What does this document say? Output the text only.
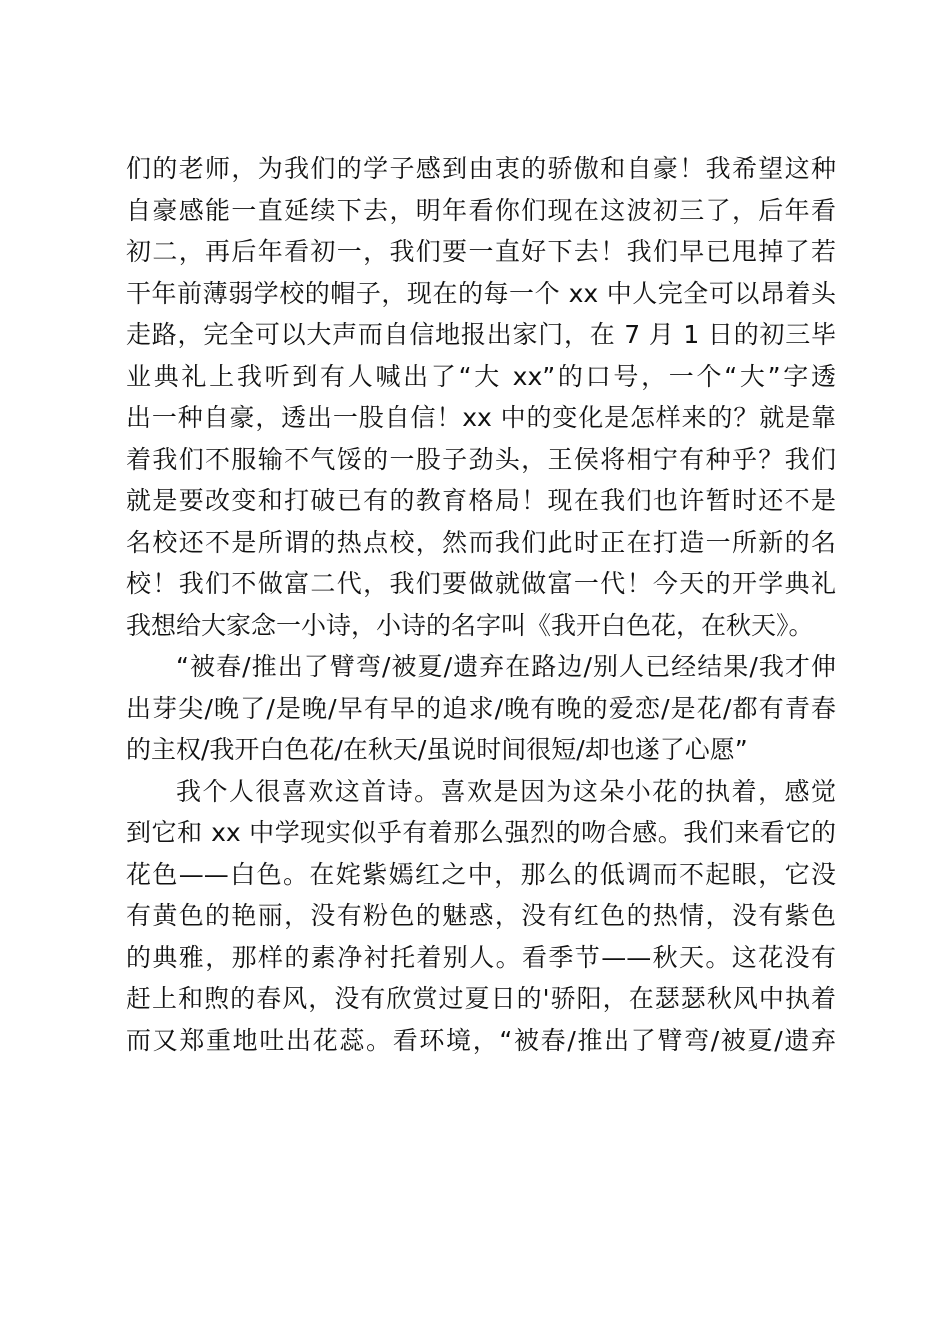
们的老师，为我们的学子感到由衷的骄傲和自豪！我希望这种
自豪感能一直延续下去，明年看你们现在这波初三了，后年看
初二，再后年看初一，我们要一直好下去！我们早已甩掉了若
干年前薄弱学校的帽子，现在的每一个 xx 中人完全可以昂着头
走路，完全可以大声而自信地报出家门，在 7 月 1 日的初三毕
业典礼上我听到有人喊出了“大 xx”的口号，一个“大”字透
出一种自豪，透出一股自信！xx 中的变化是怎样来的？就是靠
着我们不服输不气馁的一股子劲头，王侯将相宁有种乎？我们
就是要改变和打破已有的教育格局！现在我们也许暂时还不是
名校还不是所谓的热点校，然而我们此时正在打造一所新的名
校！我们不做富二代，我们要做就做富一代！今天的开学典礼
我想给大家念一小诗，小诗的名字叫《我开白色花，在秋天》。
“被春/推出了臂弯/被夏/遗弃在路边/别人已经结果/我才伸
出芽尖/晚了/是晚/早有早的追求/晚有晚的爱恋/是花/都有青春
的主权/我开白色花/在秋天/虽说时间很短/却也遂了心愿”
我个人很喜欢这首诗。喜欢是因为这朵小花的执着，感觉
到它和 xx 中学现实似乎有着那么强烈的吻合感。我们来看它的
花色——白色。在姹紫嫣红之中，那么的低调而不起眼，它没
有黄色的艳丽，没有粉色的魅惑，没有红色的热情，没有紫色
的典雅，那样的素净衬托着别人。看季节——秋天。这花没有
赶上和煦的春风，没有欣赏过夏日的'骄阳，在瑟瑟秋风中执着
而又郑重地吐出花蕊。看环境，“被春/推出了臂弯/被夏/遗弃
